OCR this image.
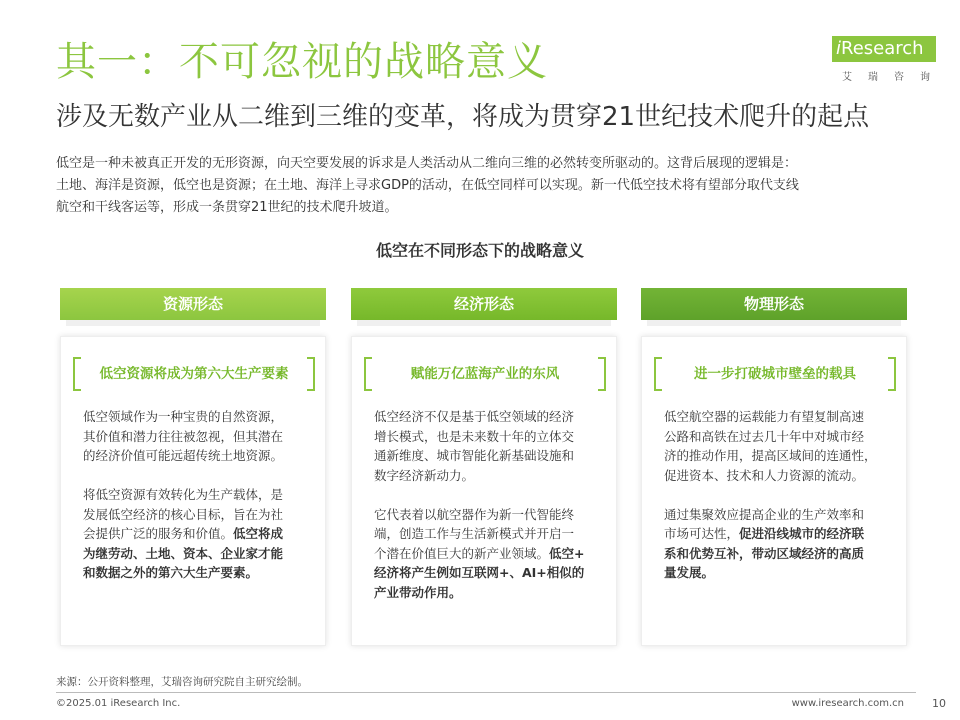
其一：不可忽视的战略意义
涉及无数产业从二维到三维的变革，将成为贯穿21世纪技术爬升的起点
iResearch
艾瑞咨询

低空是一种未被真正开发的无形资源，向天空要发展的诉求是人类活动从二维向三维的必然转变所驱动的。这背后展现的逻辑是：

土地、海洋是资源，低空也是资源；在土地、海洋上寻求GDP的活动，在低空同样可以实现。新一代低空技术将有望部分取代支线

航空和干线客运等，形成一条贯穿21世纪的技术爬升坡道。

低空在不同形态下的战略意义
资源形态	经济形态	物理形态
低空资源将成为第六大生产要素

低空领域作为一种宝贵的自然资源，

其价值和潜力往往被忽视，但其潜在

的经济价值可能远超传统土地资源。

将低空资源有效转化为生产载体，是

发展低空经济的核心目标，旨在为社

会提供广泛的服务和价值。低空将成

为继劳动、土地、资本、企业家才能

和数据之外的第六大生产要素。

赋能万亿蓝海产业的东风

低空经济不仅是基于低空领域的经济

增长模式，也是未来数十年的立体交

通新维度、城市智能化新基础设施和

数字经济新动力。

它代表着以航空器作为新一代智能终

端，创造工作与生活新模式并开启一

个潜在价值巨大的新产业领域。低空+

经济将产生例如互联网+、AI+相似的

产业带动作用。

进一步打破城市壁垒的载具

低空航空器的运载能力有望复制高速

公路和高铁在过去几十年中对城市经

济的推动作用，提高区域间的连通性，

促进资本、技术和人力资源的流动。

通过集聚效应提高企业的生产效率和

市场可达性，促进沿线城市的经济联

系和优势互补，带动区域经济的高质

量发展。

来源：公开资料整理，艾瑞咨询研究院自主研究绘制。
©2025.01 iResearch Inc.	www.iresearch.com.cn	10
